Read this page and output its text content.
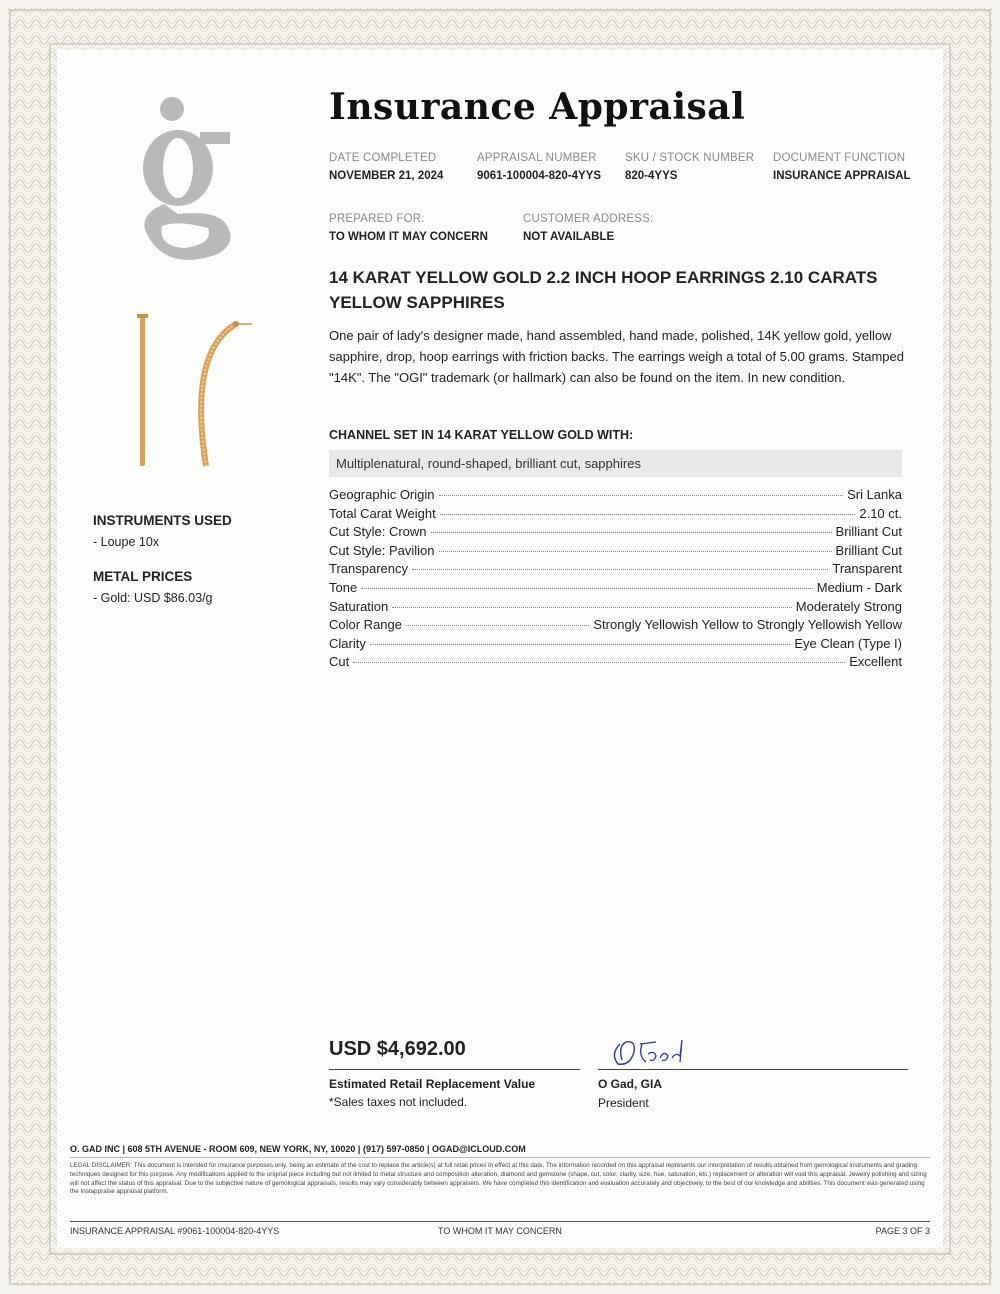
Insurance Appraisal
DATE COMPLETED
NOVEMBER 21, 2024
APPRAISAL NUMBER
9061-100004-820-4YYS
SKU / STOCK NUMBER
820-4YYS
DOCUMENT FUNCTION
INSURANCE APPRAISAL
PREPARED FOR:
TO WHOM IT MAY CONCERN
CUSTOMER ADDRESS:
NOT AVAILABLE
14 KARAT YELLOW GOLD 2.2 INCH HOOP EARRINGS 2.10 CARATS YELLOW SAPPHIRES
One pair of lady's designer made, hand assembled, hand made, polished, 14K yellow gold, yellow sapphire, drop, hoop earrings with friction backs. The earrings weigh a total of 5.00 grams. Stamped "14K". The "OGI" trademark (or hallmark) can also be found on the item. In new condition.
CHANNEL SET IN 14 KARAT YELLOW GOLD WITH:
Multiplenatural, round-shaped, brilliant cut, sapphires
Geographic Origin	Sri Lanka
Total Carat Weight	2.10 ct.
Cut Style: Crown	Brilliant Cut
Cut Style: Pavilion	Brilliant Cut
Transparency	Transparent
Tone	Medium - Dark
Saturation	Moderately Strong
Color Range	Strongly Yellowish Yellow to Strongly Yellowish Yellow
Clarity	Eye Clean (Type I)
Cut	Excellent
INSTRUMENTS USED
- Loupe 10x
METAL PRICES
- Gold: USD $86.03/g
USD $4,692.00
Estimated Retail Replacement Value
*Sales taxes not included.
O Gad, GIA
President
O. GAD INC | 608 5TH AVENUE - ROOM 609, NEW YORK, NY, 10020 | (917) 597-0850 | OGAD@ICLOUD.COM
LEGAL DISCLAIMER: This document is intended for insurance purposes only, being an estimate of the cost to replace the article(s) at full retail prices in effect at this date. The information recorded on this appraisal represents our interpretation of results obtained from gemological instruments and grading techniques designed for this purpose. Any modifications applied to the original piece including but not limited to metal structure and composition alteration, diamond and gemstone (shape, cut, color, clarity, size, hue, saturation, etc.) replacement or alteration will void this appraisal. Jewelry polishing and sizing will not affect the status of this appraisal. Due to the subjective nature of gemological appraisals, results may vary considerably between appraisers. We have completed this identification and evaluation accurately and objectively, to the best of our knowledge and abilities. This document was generated using the Instappraise appraisal platform.
INSURANCE APPRAISAL #9061-100004-820-4YYS	TO WHOM IT MAY CONCERN	PAGE 3 OF 3
